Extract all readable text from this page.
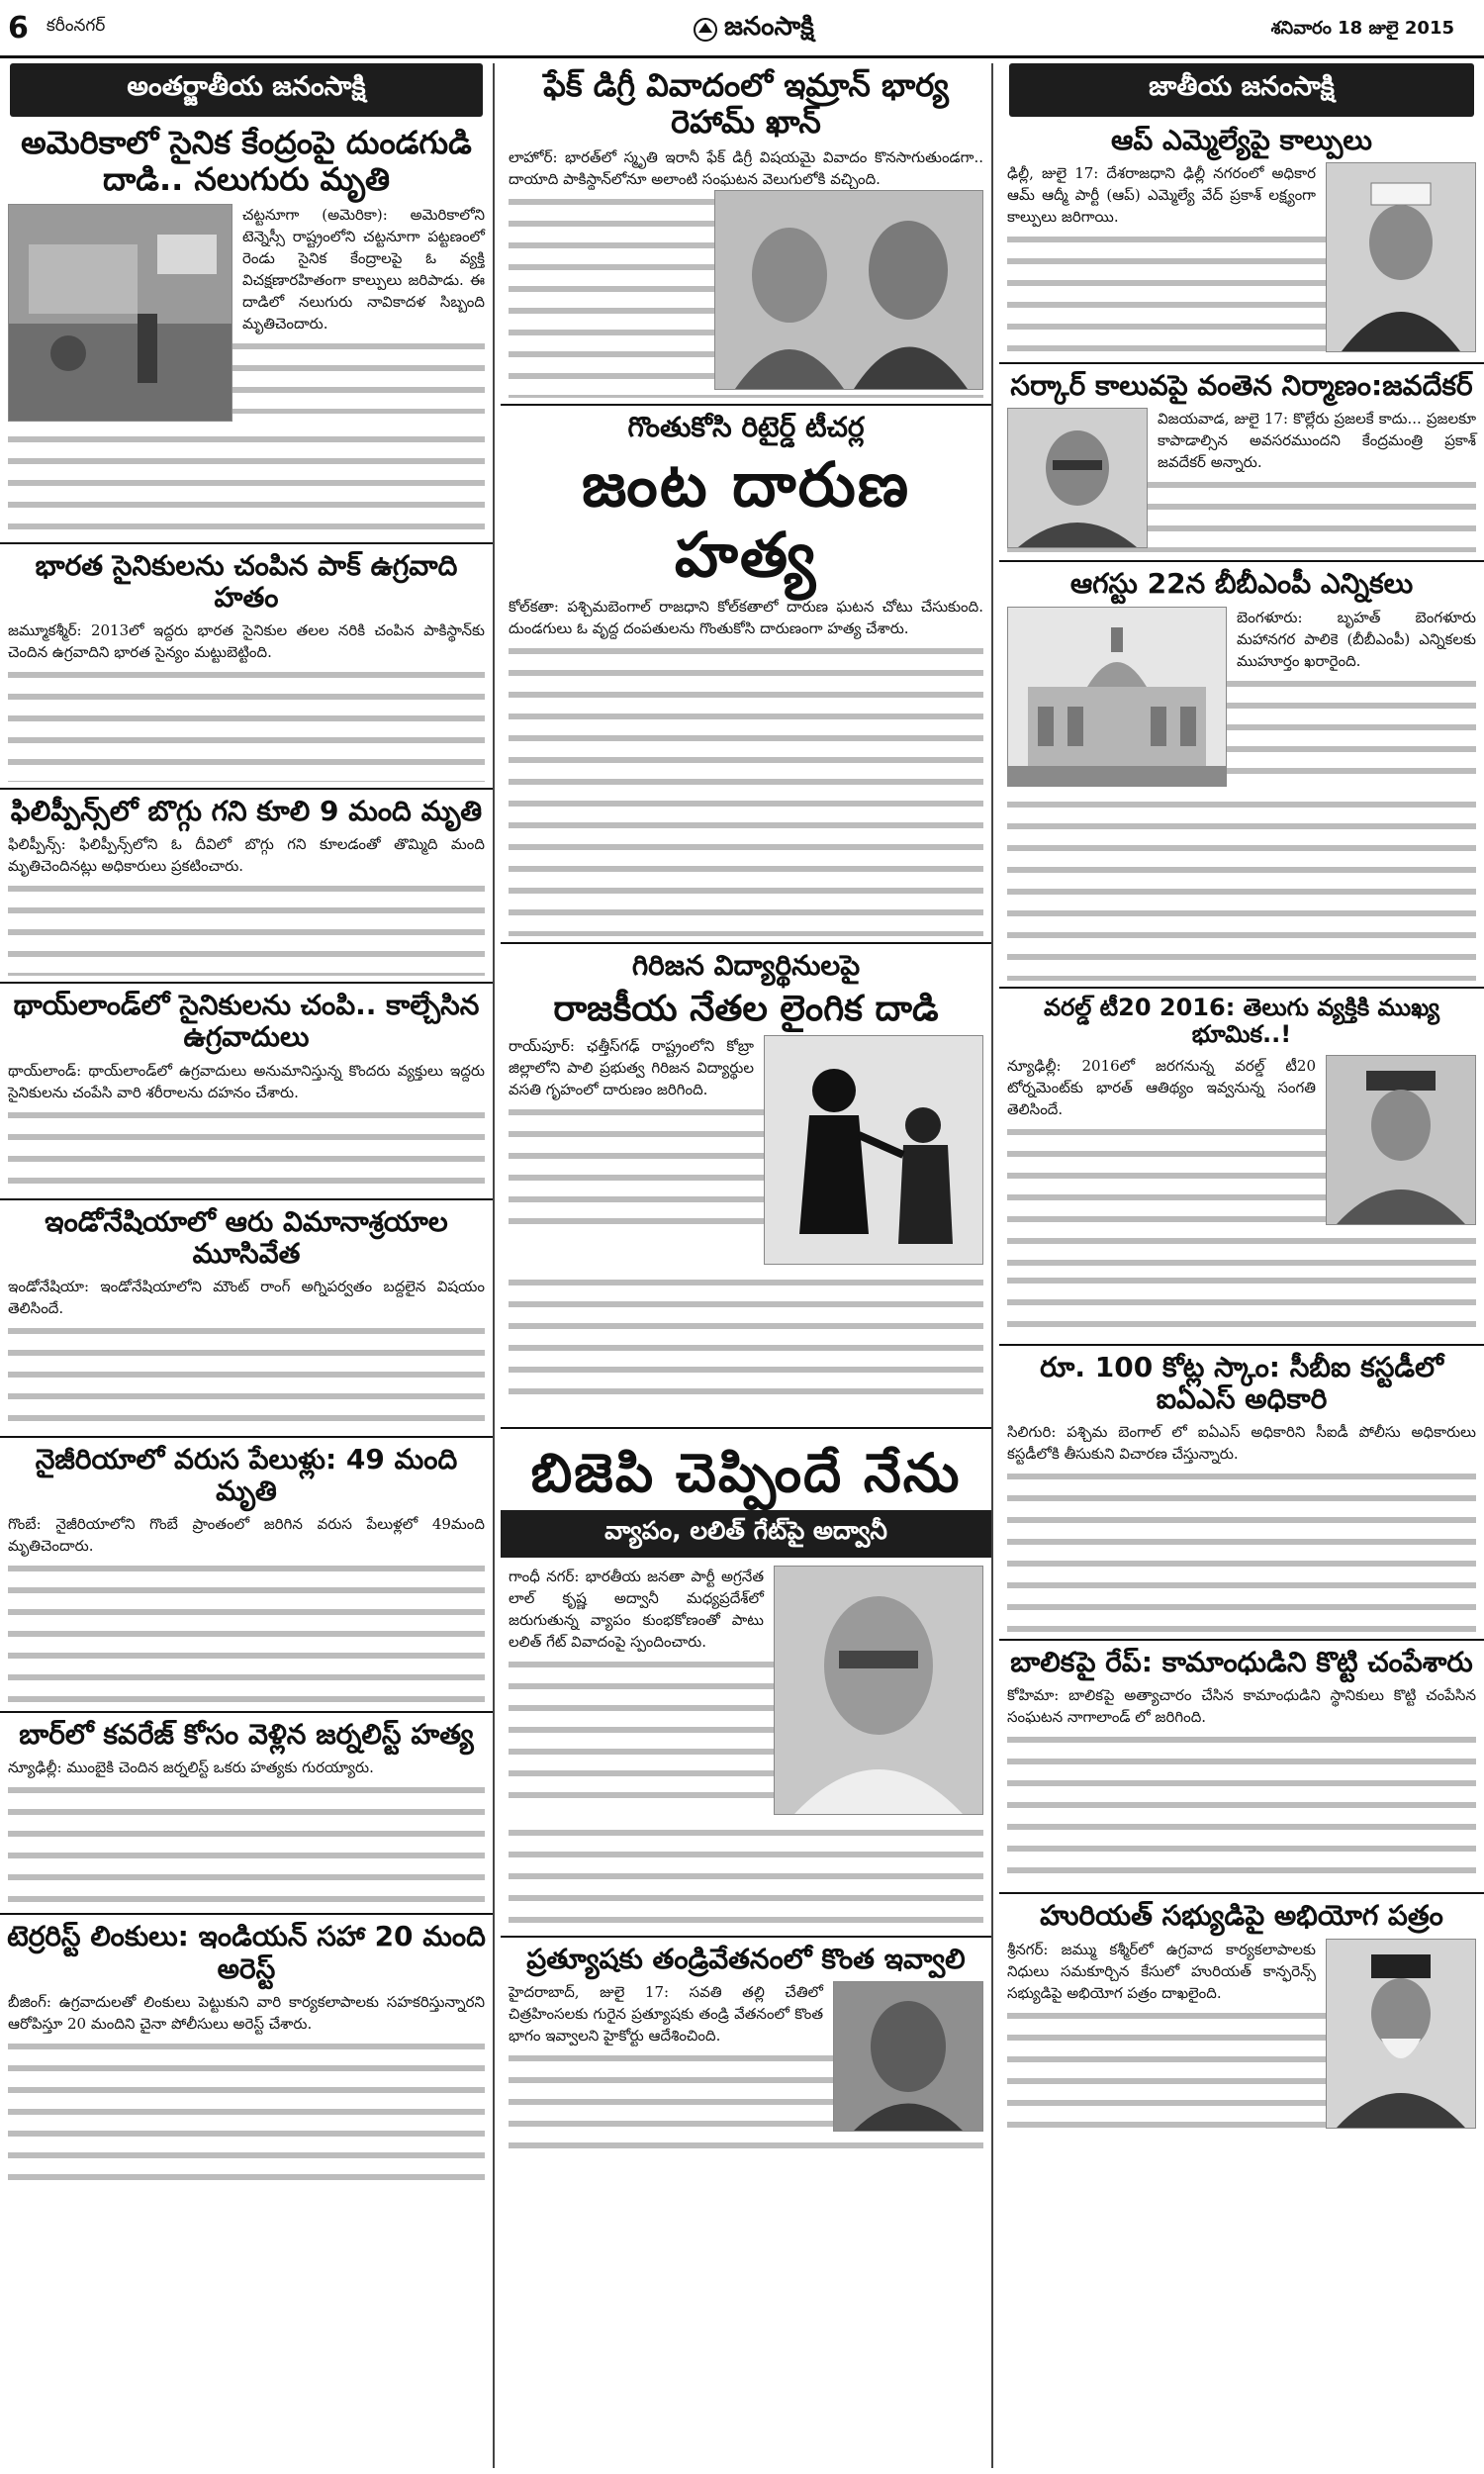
6 కరీంనగర్	జనంసాక్షి	శనివారం 18 జులై 2015
అంతర్జాతీయ జనంసాక్షి
అమెరికాలో సైనిక కేంద్రంపై దుండగుడి దాడి.. నలుగురు మృతి

చట్టనూగా (అమెరికా): అమెరికాలోని టెన్నెస్సీ రాష్ట్రంలోని చట్టనూగా పట్టణంలో రెండు సైనిక కేంద్రాలపై ఓ వ్యక్తి విచక్షణారహితంగా కాల్పులు జరిపాడు. ఈ దాడిలో నలుగురు నావికాదళ సిబ్బంది మృతిచెందారు.

భారత సైనికులను చంపిన పాక్ ఉగ్రవాది హతం

జమ్మూకశ్మీర్: 2013లో ఇద్దరు భారత సైనికుల తలల నరికి చంపిన పాకిస్థాన్‌కు చెందిన ఉగ్రవాదిని భారత సైన్యం మట్టుబెట్టింది.

ఫిలిప్పీన్స్‌లో బొగ్గు గని కూలి 9 మంది మృతి

ఫిలిప్పీన్స్: ఫిలిప్పీన్స్‌లోని ఓ దీవిలో బొగ్గు గని కూలడంతో తొమ్మిది మంది మృతిచెందినట్లు అధికారులు ప్రకటించారు.

థాయ్‌లాండ్‌లో సైనికులను చంపి.. కాల్చేసిన ఉగ్రవాదులు

థాయ్‌లాండ్: థాయ్‌లాండ్‌లో ఉగ్రవాదులు అనుమానిస్తున్న కొందరు వ్యక్తులు ఇద్దరు సైనికులను చంపేసి వారి శరీరాలను దహనం చేశారు.

ఇండోనేషియాలో ఆరు విమానాశ్రయాల మూసివేత

ఇండోనేషియా: ఇండోనేషియాలోని మౌంట్ రాంగ్ అగ్నిపర్వతం బద్దలైన విషయం తెలిసిందే.

నైజీరియాలో వరుస పేలుళ్లు: 49 మంది మృతి

గొంబే: నైజీరియాలోని గొంబే ప్రాంతంలో జరిగిన వరుస పేలుళ్లలో 49మంది మృతిచెందారు.

బార్‌లో కవరేజ్ కోసం వెళ్లిన జర్నలిస్ట్ హత్య

న్యూఢిల్లీ: ముంబైకి చెందిన జర్నలిస్ట్ ఒకరు హత్యకు గురయ్యారు.

టెర్రరిస్ట్ లింకులు: ఇండియన్ సహా 20 మంది అరెస్ట్

బీజింగ్: ఉగ్రవాదులతో లింకులు పెట్టుకుని వారి కార్యకలాపాలకు సహకరిస్తున్నారని ఆరోపిస్తూ 20 మందిని చైనా పోలీసులు అరెస్ట్ చేశారు.

ఫేక్ డిగ్రీ వివాదంలో ఇమ్రాన్ భార్య రెహామ్ ఖాన్

లాహోర్: భారత్‌లో స్మృతి ఇరానీ ఫేక్ డిగ్రీ విషయమై వివాదం కొనసాగుతుండగా.. దాయాది పాకిస్థాన్‌లోనూ అలాంటి సంఘటన వెలుగులోకి వచ్చింది.

గొంతుకోసి రిటైర్డ్ టీచర్ల
జంట దారుణ హత్య

కోల్‌కతా: పశ్చిమబెంగాల్ రాజధాని కోల్‌కతాలో దారుణ ఘటన చోటు చేసుకుంది. దుండగులు ఓ వృద్ధ దంపతులను గొంతుకోసి దారుణంగా హత్య చేశారు.

గిరిజన విద్యార్థినులపై
రాజకీయ నేతల లైంగిక దాడి

రాయ్‌పూర్: ఛత్తీస్‌గఢ్ రాష్ట్రంలోని కోబ్రా జిల్లాలోని పాలి ప్రభుత్వ గిరిజన విద్యార్థుల వసతి గృహంలో దారుణం జరిగింది.

బిజెపి చెప్పిందే నేను
వ్యాపం, లలిత్ గేట్‌పై అద్వానీ

గాంధీ నగర్: భారతీయ జనతా పార్టీ అగ్రనేత లాల్ కృష్ణ అద్వానీ మధ్యప్రదేశ్‌లో జరుగుతున్న వ్యాపం కుంభకోణంతో పాటు లలిత్ గేట్ వివాదంపై స్పందించారు.

ప్రత్యూషకు తండ్రివేతనంలో కొంత ఇవ్వాలి

హైదరాబాద్, జులై 17: సవతి తల్లి చేతిలో చిత్రహింసలకు గురైన ప్రత్యూషకు తండ్రి వేతనంలో కొంత భాగం ఇవ్వాలని హైకోర్టు ఆదేశించింది.

జాతీయ జనంసాక్షి
ఆప్ ఎమ్మెల్యేపై కాల్పులు

ఢిల్లీ, జులై 17: దేశరాజధాని ఢిల్లీ నగరంలో అధికార ఆమ్ ఆద్మీ పార్టీ (ఆప్) ఎమ్మెల్యే వేద్ ప్రకాశ్ లక్ష్యంగా కాల్పులు జరిగాయి.

సర్కార్‌ కాలువపై వంతెన నిర్మాణం:జవదేకర్

విజయవాడ, జులై 17: కొల్లేరు ప్రజలకే కాదు... ప్రజలకూ కాపాడాల్సిన అవసరముందని కేంద్రమంత్రి ప్రకాశ్ జవదేకర్ అన్నారు.

ఆగస్టు 22న బీబీఎంపీ ఎన్నికలు

బెంగళూరు: బృహత్ బెంగళూరు మహానగర పాలికె (బీబీఎంపీ) ఎన్నికలకు ముహూర్తం ఖరారైంది.

వరల్డ్ టీ20 2016: తెలుగు వ్యక్తికి ముఖ్య భూమిక..!

న్యూఢిల్లీ: 2016లో జరగనున్న వరల్డ్ టీ20 టోర్నమెంట్‌కు భారత్ ఆతిథ్యం ఇవ్వనున్న సంగతి తెలిసిందే.

రూ. 100 కోట్ల స్కాం: సీబీఐ కస్టడీలో ఐఏఎస్ అధికారి

సిలిగురి: పశ్చిమ బెంగాల్ లో ఐఏఎస్ అధికారిని సీఐడీ పోలీసు అధికారులు కస్టడీలోకి తీసుకుని విచారణ చేస్తున్నారు.

బాలికపై రేప్: కామాంధుడిని కొట్టి చంపేశారు

కోహిమా: బాలికపై అత్యాచారం చేసిన కామాంధుడిని స్థానికులు కొట్టి చంపేసిన సంఘటన నాగాలాండ్ లో జరిగింది.

హురియత్ సభ్యుడిపై అభియోగ పత్రం

శ్రీనగర్: జమ్ము కశ్మీర్‌లో ఉగ్రవాద కార్యకలాపాలకు నిధులు సమకూర్చిన కేసులో హురియత్ కాన్ఫరెన్స్ సభ్యుడిపై అభియోగ పత్రం దాఖలైంది.
